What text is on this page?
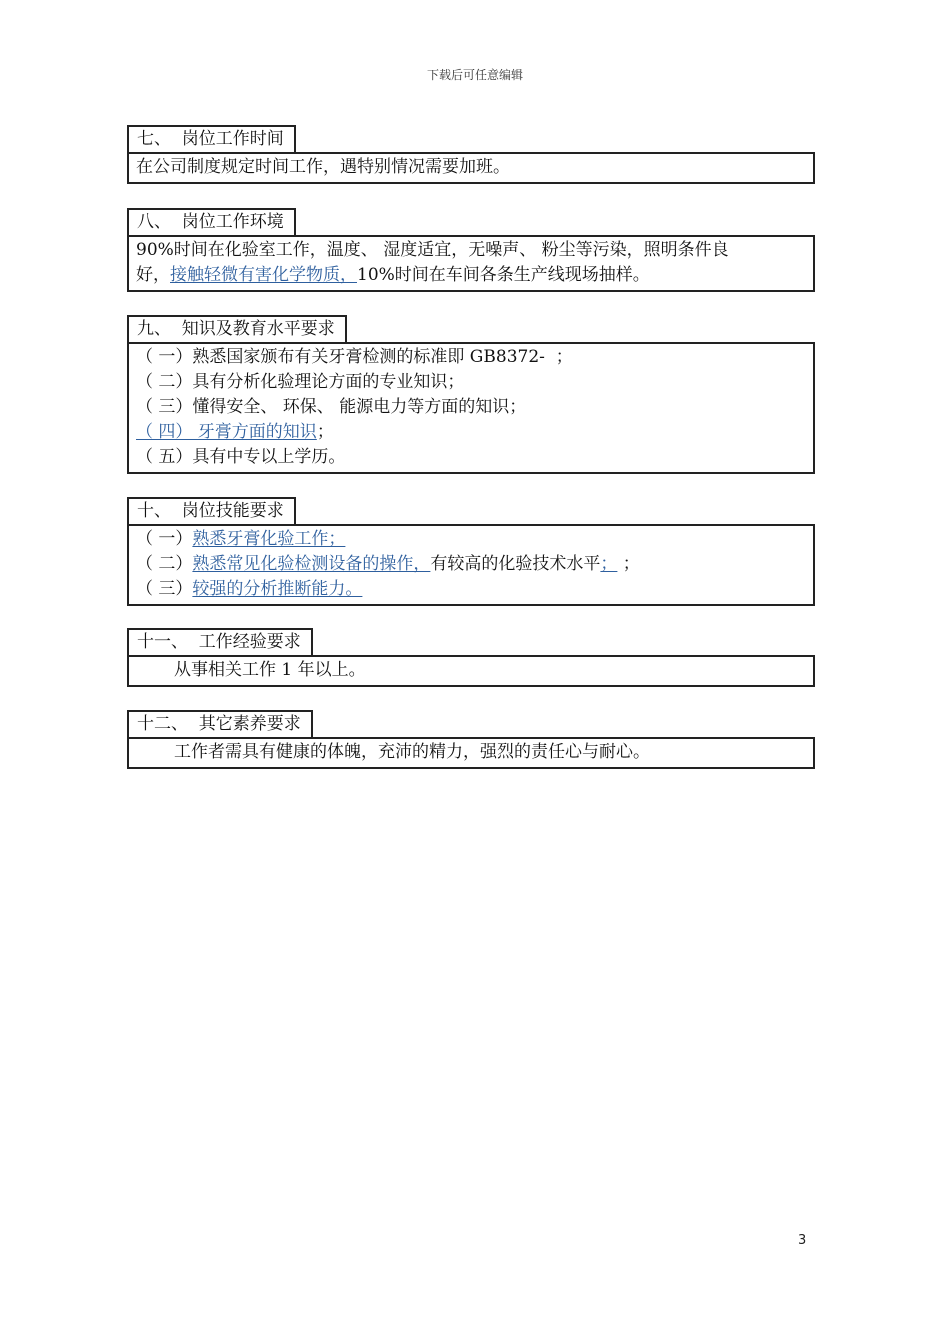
下载后可任意编辑
七、  岗位工作时间
在公司制度规定时间工作，遇特别情况需要加班。
八、  岗位工作环境
90%时间在化验室工作，温度、 湿度适宜，无噪声、 粉尘等污染，照明条件良
好，接触轻微有害化学物质，10%时间在车间各条生产线现场抽样。
九、  知识及教育水平要求
（ 一）熟悉国家颁布有关牙膏检测的标准即 GB8372-  ；
（ 二）具有分析化验理论方面的专业知识；
（ 三）懂得安全、 环保、 能源电力等方面的知识；
（ 四） 牙膏方面的知识；
（ 五）具有中专以上学历。
十、  岗位技能要求
（ 一）熟悉牙膏化验工作；
（ 二）熟悉常见化验检测设备的操作，有较高的化验技术水平； ；
（ 三）较强的分析推断能力。
十一、  工作经验要求
从事相关工作 1 年以上。
十二、  其它素养要求
工作者需具有健康的体魄，充沛的精力，强烈的责任心与耐心。
3
